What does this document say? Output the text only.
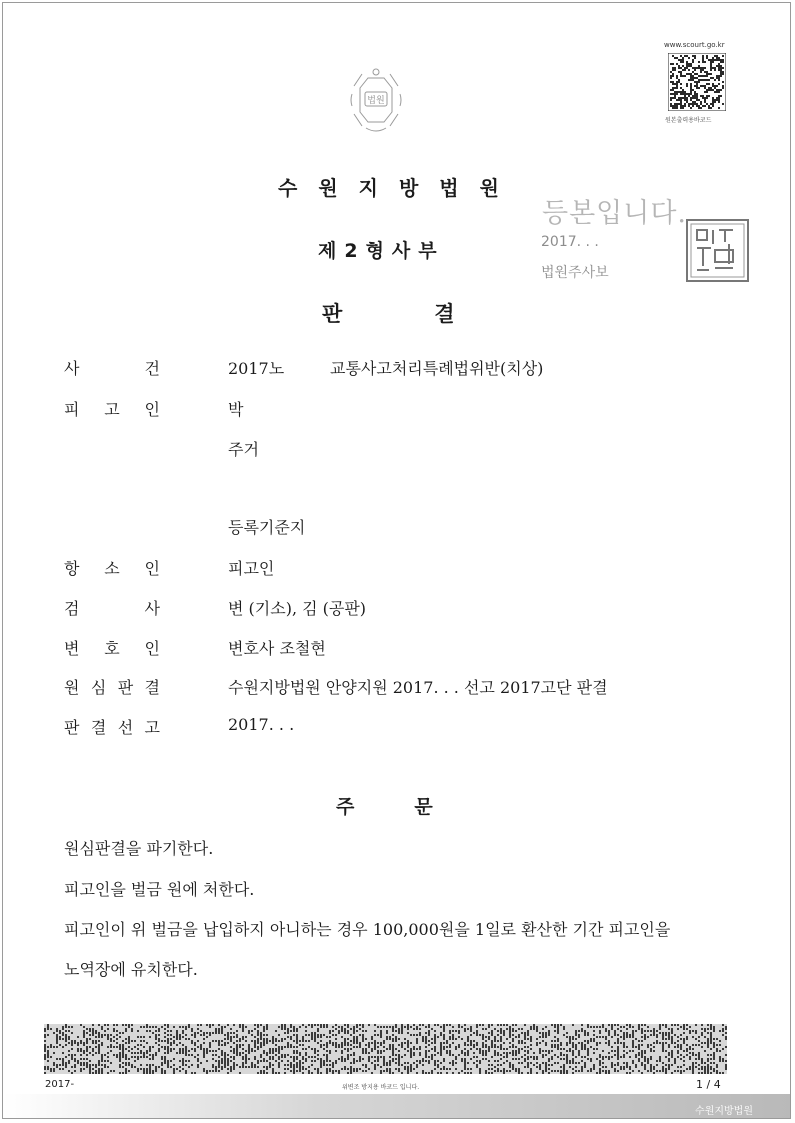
법원
www.scourt.go.kr
원본출력용바코드
수원지방법원
제2형사부
판결
등본입니다.
2017. . .
법원주사보
사 건	2017노	교통사고처리특례법위반(치상)
피 고 인	박
주거
등록기준지
항 소 인	피고인
검 사	변 (기소), 김 (공판)
변 호 인	변호사 조철현
원 심 판 결	수원지방법원 안양지원 2017. . . 선고 2017고단 판결
판 결 선 고	2017. . .
주문
원심판결을 파기한다.
피고인을 벌금 원에 처한다.
피고인이 위 벌금을 납입하지 아니하는 경우 100,000원을 1일로 환산한 기간 피고인을
노역장에 유치한다.
2017-	위변조 방지용 바코드 입니다.	1 / 4
수원지방법원
